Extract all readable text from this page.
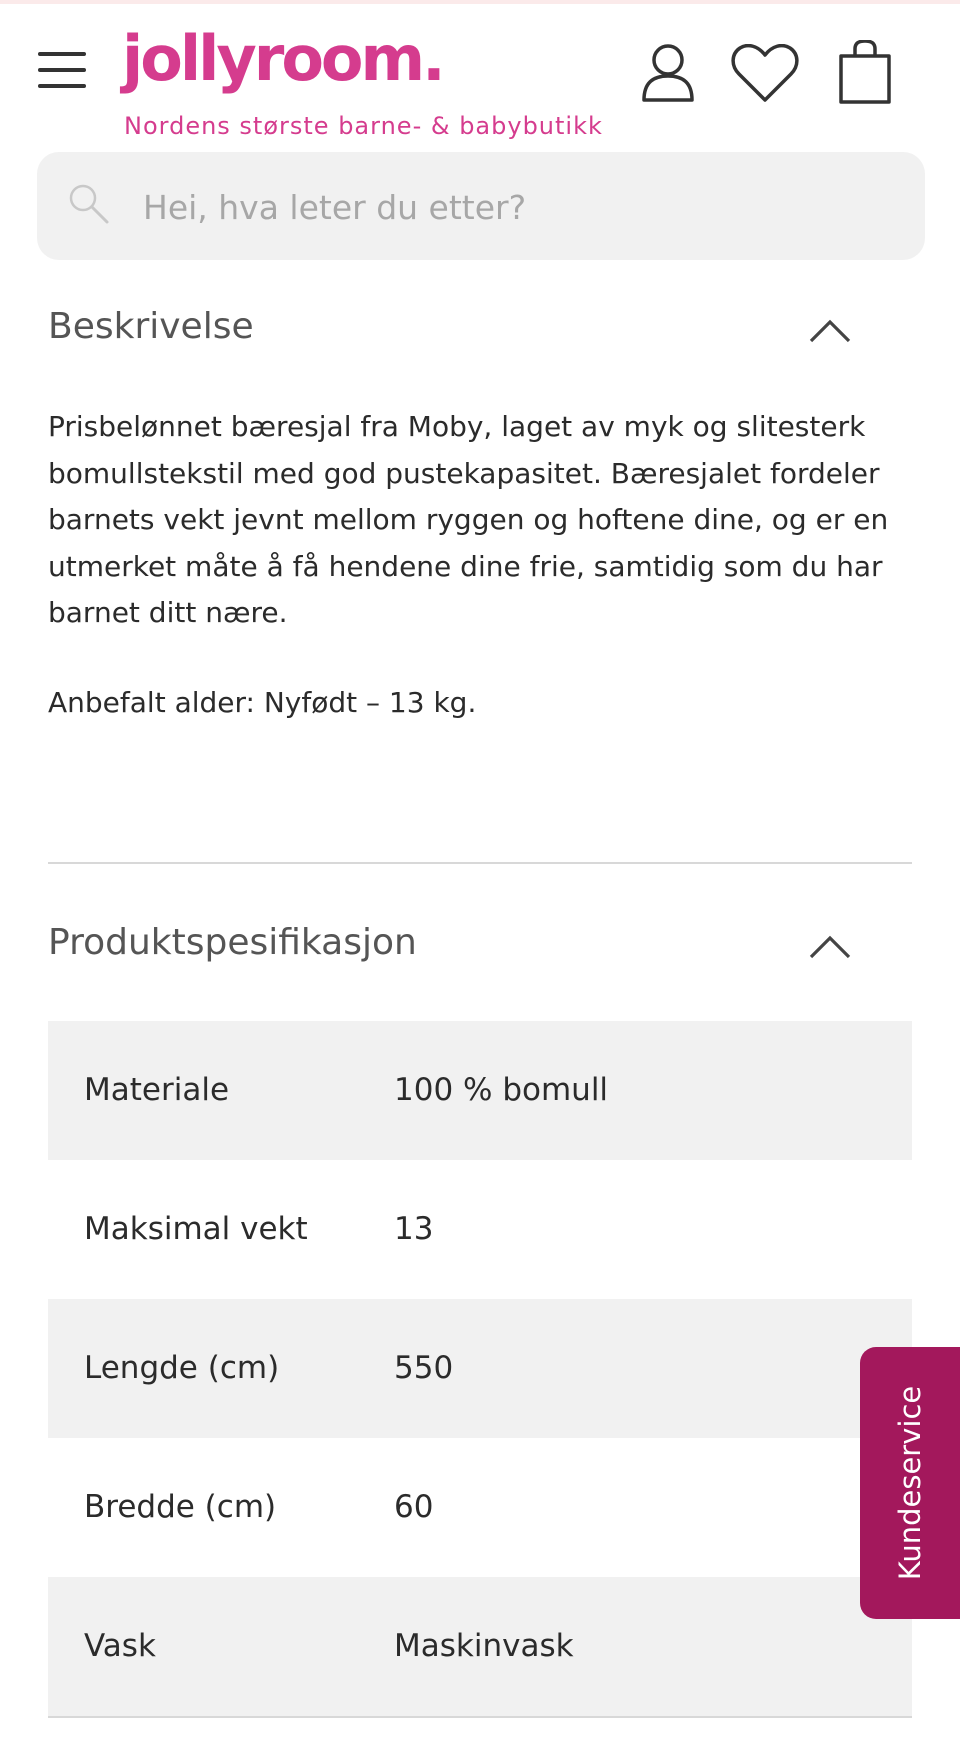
jollyroom.
Nordens største barne- & babybutikk
Hei, hva leter du etter?
Beskrivelse

Prisbelønnet bæresjal fra Moby, laget av myk og slitesterk bomullstekstil med god pustekapasitet. Bæresjalet fordeler barnets vekt jevnt mellom ryggen og hoftene dine, og er en utmerket måte å få hendene dine frie, samtidig som du har barnet ditt nære.

Anbefalt alder: Nyfødt – 13 kg.

Produktspesifikasjon
Materiale	100 % bomull
Maksimal vekt	13
Lengde (cm)	550
Bredde (cm)	60
Vask	Maskinvask
Kundeservice
